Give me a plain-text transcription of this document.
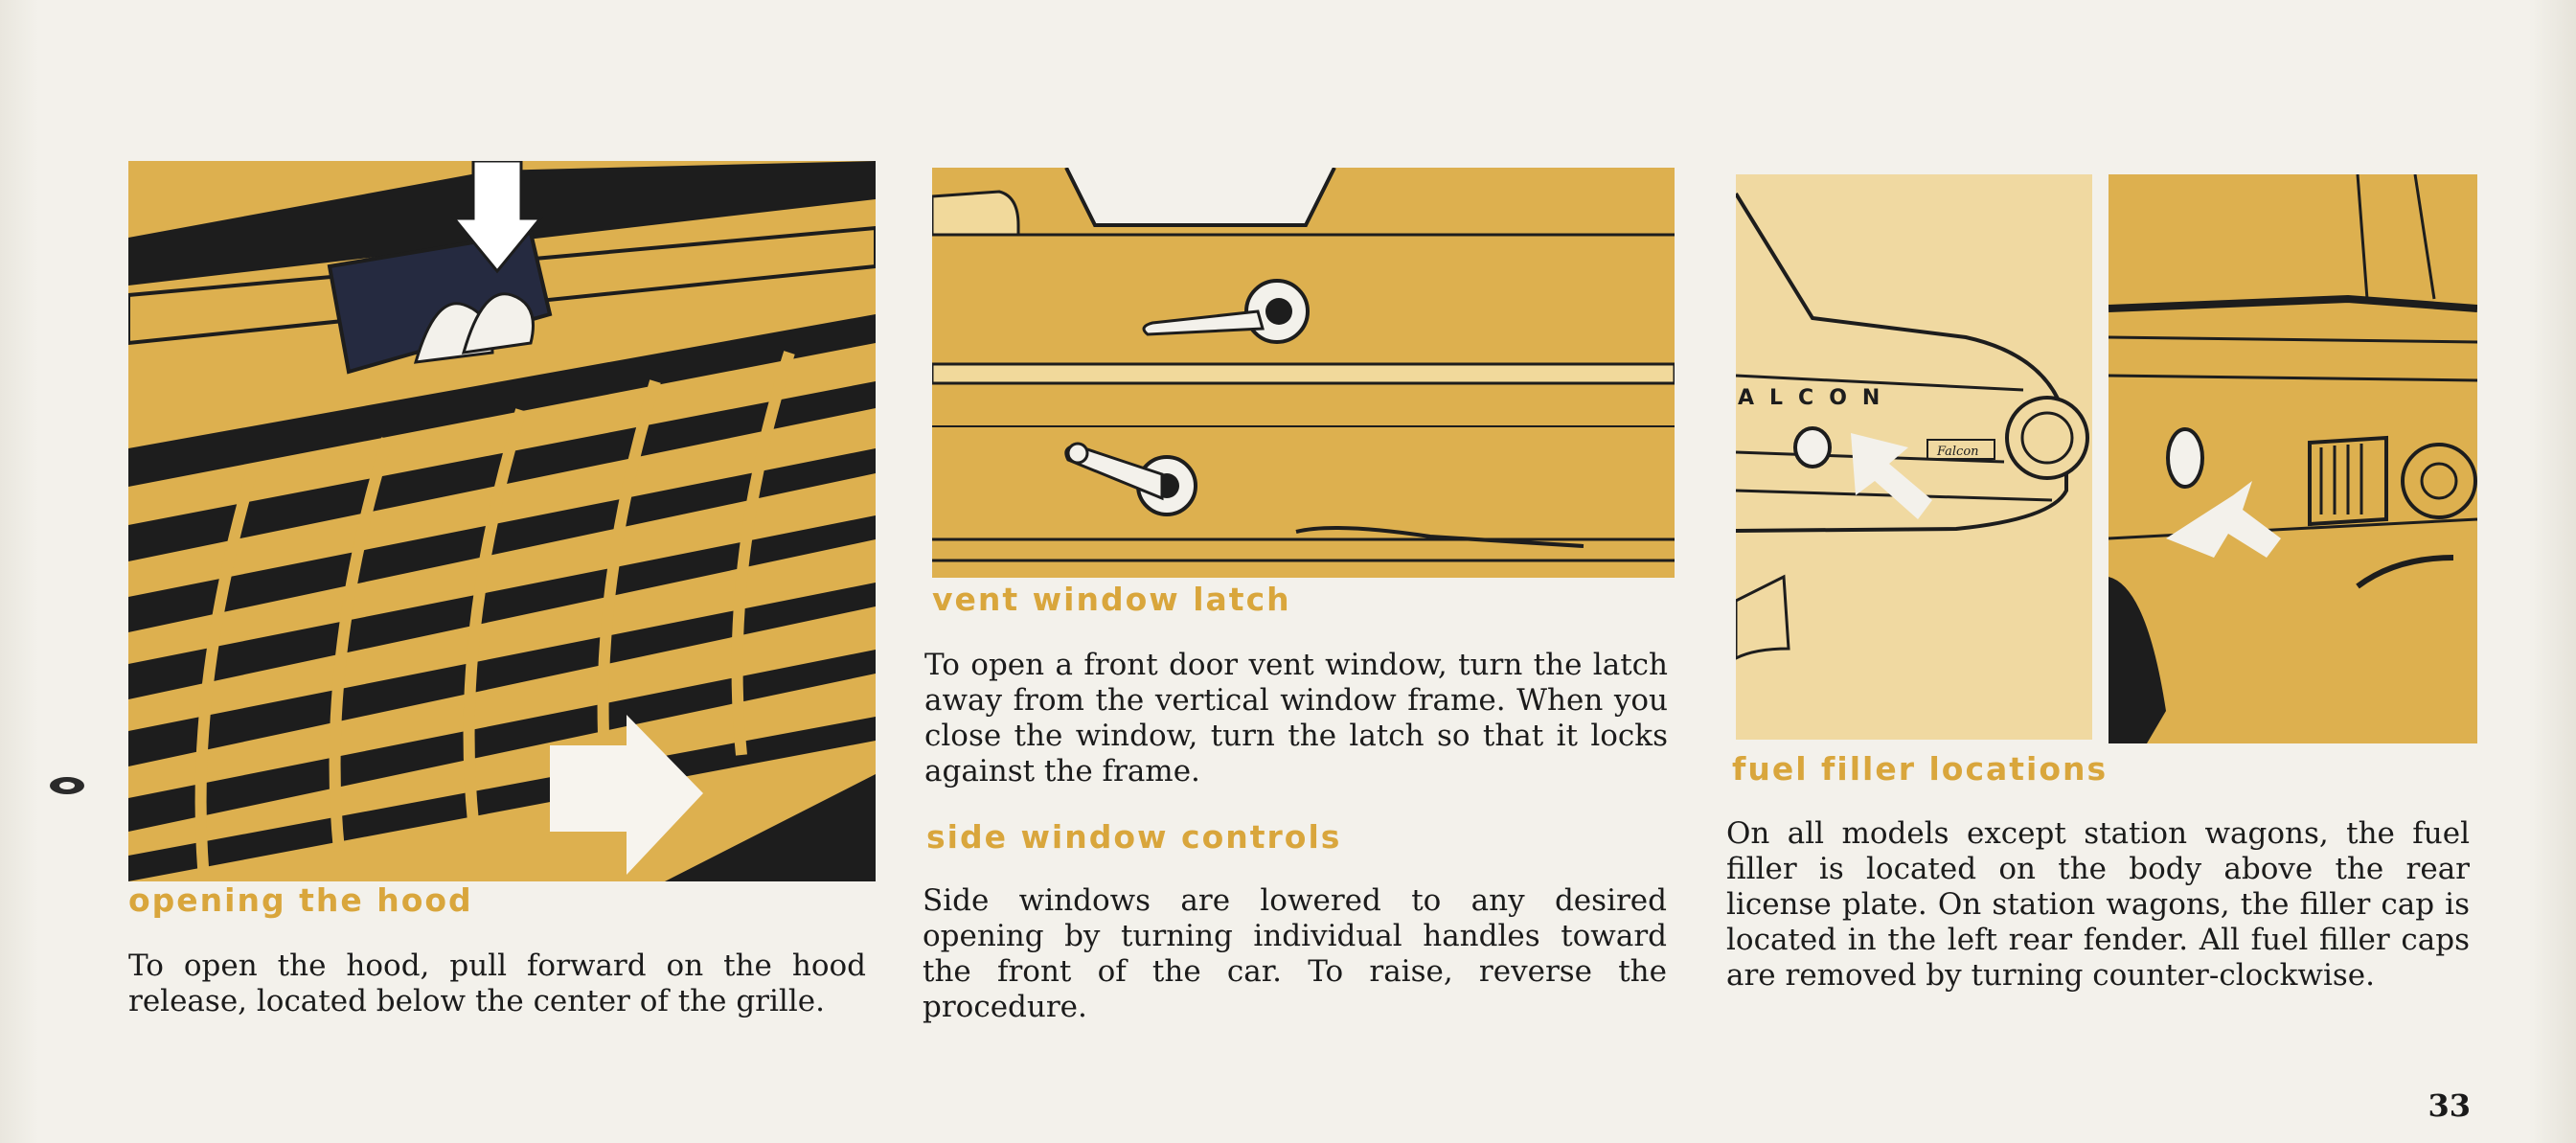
ALCON
Falcon
opening the hood
To open the hood, pull forward on the hood release, located below the center of the grille.
vent window latch
To open a front door vent window, turn the latch away from the vertical window frame. When you close the window, turn the latch so that it locks against the frame.
side window controls
Side windows are lowered to any desired opening by turning individual handles toward the front of the car. To raise, reverse the procedure.
fuel filler locations
On all models except station wagons, the fuel filler is located on the body above the rear license plate. On station wagons, the filler cap is located in the left rear fender. All fuel filler caps are removed by turning counter-clockwise.
33
